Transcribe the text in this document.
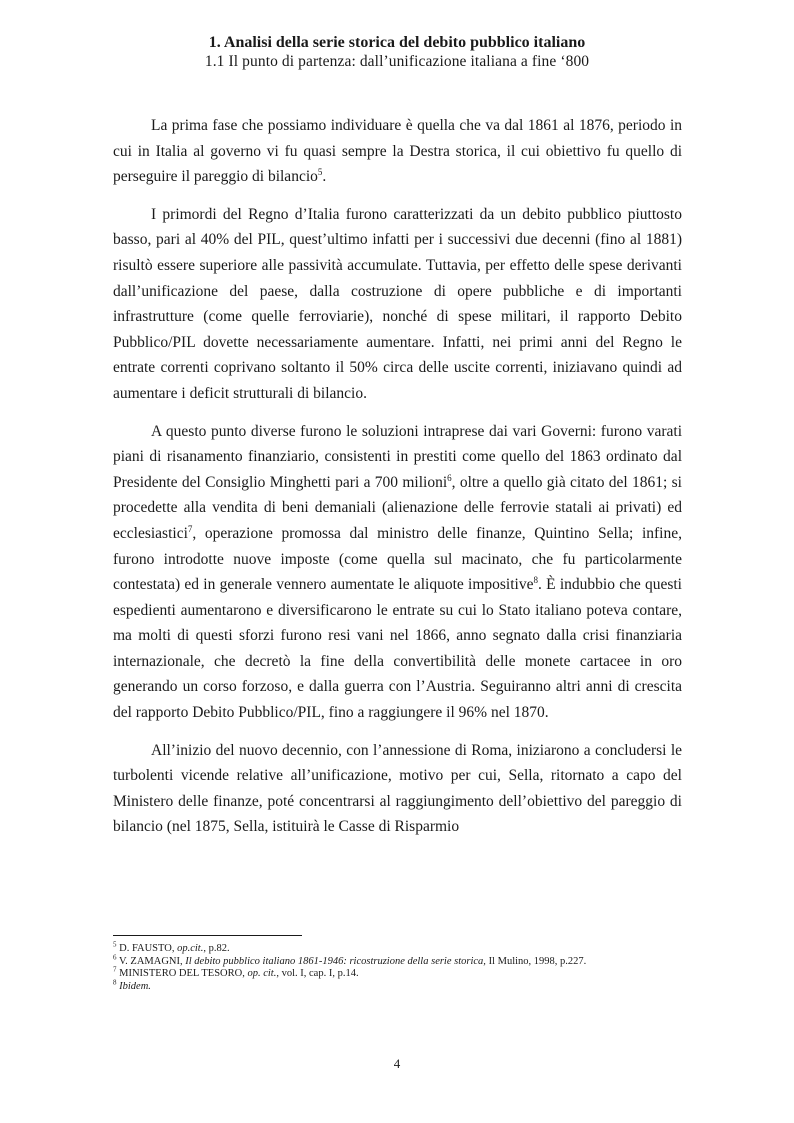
1. Analisi della serie storica del debito pubblico italiano
1.1 Il punto di partenza: dall’unificazione italiana a fine ‘800

La prima fase che possiamo individuare è quella che va dal 1861 al 1876, periodo in cui in Italia al governo vi fu quasi sempre la Destra storica, il cui obiettivo fu quello di perseguire il pareggio di bilancio$^5$.

I primordi del Regno d’Italia furono caratterizzati da un debito pubblico piuttosto basso, pari al 40% del PIL, quest’ultimo infatti per i successivi due decenni (fino al 1881) risultò essere superiore alle passività accumulate. Tuttavia, per effetto delle spese derivanti dall’unificazione del paese, dalla costruzione di opere pubbliche e di importanti infrastrutture (come quelle ferroviarie), nonché di spese militari, il rapporto Debito Pubblico/PIL dovette necessariamente aumentare. Infatti, nei primi anni del Regno le entrate correnti coprivano soltanto il 50% circa delle uscite correnti, iniziavano quindi ad aumentare i deficit strutturali di bilancio.

A questo punto diverse furono le soluzioni intraprese dai vari Governi: furono varati piani di risanamento finanziario, consistenti in prestiti come quello del 1863 ordinato dal Presidente del Consiglio Minghetti pari a 700 milioni$^6$, oltre a quello già citato del 1861; si procedette alla vendita di beni demaniali (alienazione delle ferrovie statali ai privati) ed ecclesiastici$^7$, operazione promossa dal ministro delle finanze, Quintino Sella; infine, furono introdotte nuove imposte (come quella sul macinato, che fu particolarmente contestata) ed in generale vennero aumentate le aliquote impositive$^8$. È indubbio che questi espedienti aumentarono e diversificarono le entrate su cui lo Stato italiano poteva contare, ma molti di questi sforzi furono resi vani nel 1866, anno segnato dalla crisi finanziaria internazionale, che decretò la fine della convertibilità delle monete cartacee in oro generando un corso forzoso, e dalla guerra con l’Austria. Seguiranno altri anni di crescita del rapporto Debito Pubblico/PIL, fino a raggiungere il 96% nel 1870.

All’inizio del nuovo decennio, con l’annessione di Roma, iniziarono a concludersi le turbolenti vicende relative all’unificazione, motivo per cui, Sella, ritornato a capo del Ministero delle finanze, poté concentrarsi al raggiungimento dell’obiettivo del pareggio di bilancio (nel 1875, Sella, istituirà le Casse di Risparmio

$^5$ D. FAUSTO, op.cit., p.82.

$^6$ V. ZAMAGNI, Il debito pubblico italiano 1861-1946: ricostruzione della serie storica, Il Mulino, 1998, p.227.

$^7$ MINISTERO DEL TESORO, op. cit., vol. I, cap. I, p.14.

$^8$ Ibidem.

4
